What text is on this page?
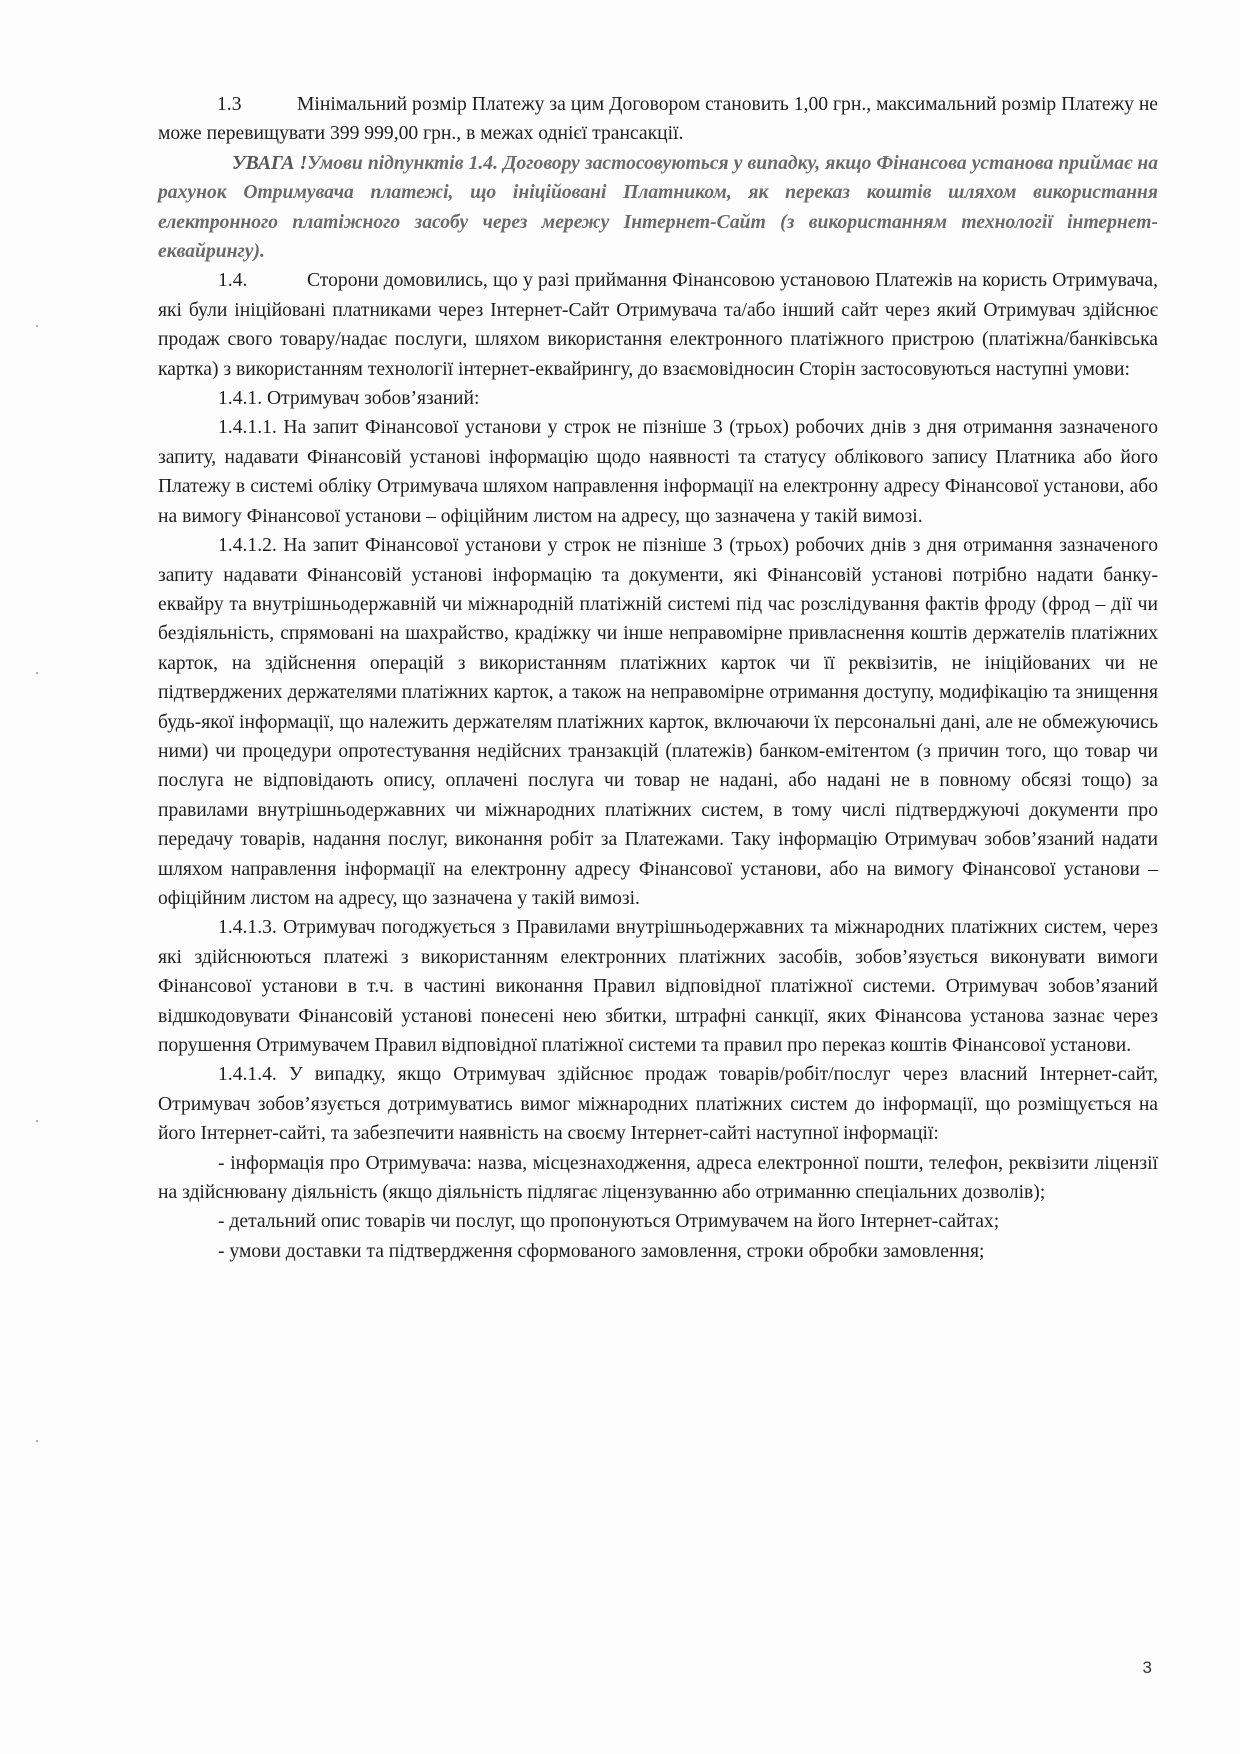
1.3	Мінімальний розмір Платежу за цим Договором становить 1,00 грн., максимальний розмір Платежу не може перевищувати 399 999,00 грн., в межах однієї трансакції.

УВАГА !Умови підпунктів 1.4. Договору застосовуються у випадку, якщо Фінансова установа приймає на рахунок Отримувача платежі, що ініційовані Платником, як переказ коштів шляхом використання електронного платіжного засобу через мережу Інтернет-Сайт (з використанням технології інтернет-еквайрингу).

1.4.	Сторони домовились, що у разі приймання Фінансовою установою Платежів на користь Отримувача, які були ініційовані платниками через Інтернет-Сайт Отримувача та/або інший сайт через який Отримувач здійснює продаж свого товару/надає послуги, шляхом використання електронного платіжного пристрою (платіжна/банківська картка) з використанням технології інтернет-еквайрингу, до взаємовідносин Сторін застосовуються наступні умови:

1.4.1. Отримувач зобов’язаний:

1.4.1.1. На запит Фінансової установи у строк не пізніше 3 (трьох) робочих днів з дня отримання зазначеного запиту, надавати Фінансовій установі інформацію щодо наявності та статусу облікового запису Платника або його Платежу в системі обліку Отримувача шляхом направлення інформації на електронну адресу Фінансової установи, або на вимогу Фінансової установи – офіційним листом на адресу, що зазначена у такій вимозі.

1.4.1.2. На запит Фінансової установи у строк не пізніше 3 (трьох) робочих днів з дня отримання зазначеного запиту надавати Фінансовій установі інформацію та документи, які Фінансовій установі потрібно надати банку-еквайру та внутрішньодержавній чи міжнародній платіжній системі під час розслідування фактів фроду (фрод – дії чи бездіяльність, спрямовані на шахрайство, крадіжку чи інше неправомірне привласнення коштів держателів платіжних карток, на здійснення операцій з використанням платіжних карток чи її реквізитів, не ініційованих чи не підтверджених держателями платіжних карток, а також на неправомірне отримання доступу, модифікацію та знищення будь-якої інформації, що належить держателям платіжних карток, включаючи їх персональні дані, але не обмежуючись ними) чи процедури опротестування недійсних транзакцій (платежів) банком-емітентом (з причин того, що товар чи послуга не відповідають опису, оплачені послуга чи товар не надані, або надані не в повному обсязі тощо) за правилами внутрішньодержавних чи міжнародних платіжних систем, в тому числі підтверджуючі документи про передачу товарів, надання послуг, виконання робіт за Платежами. Таку інформацію Отримувач зобов’язаний надати шляхом направлення інформації на електронну адресу Фінансової установи, або на вимогу Фінансової установи – офіційним листом на адресу, що зазначена у такій вимозі.

1.4.1.3. Отримувач погоджується з Правилами внутрішньодержавних та міжнародних платіжних систем, через які здійснюються платежі з використанням електронних платіжних засобів, зобов’язується виконувати вимоги Фінансової установи в т.ч. в частині виконання Правил відповідної платіжної системи. Отримувач зобов’язаний відшкодовувати Фінансовій установі понесені нею збитки, штрафні санкції, яких Фінансова установа зазнає через порушення Отримувачем Правил відповідної платіжної системи та правил про переказ коштів Фінансової установи.

1.4.1.4. У випадку, якщо Отримувач здійснює продаж товарів/робіт/послуг через власний Інтернет-сайт, Отримувач зобов’язується дотримуватись вимог міжнародних платіжних систем до інформації, що розміщується на його Інтернет-сайті, та забезпечити наявність на своєму Інтернет-сайті наступної інформації:

- інформація про Отримувача: назва, місцезнаходження, адреса електронної пошти, телефон, реквізити ліцензії на здійснювану діяльність (якщо діяльність підлягає ліцензуванню або отриманню спеціальних дозволів);

- детальний опис товарів чи послуг, що пропонуються Отримувачем на його Інтернет-сайтах;

- умови доставки та підтвердження сформованого замовлення, строки обробки замовлення;

3
